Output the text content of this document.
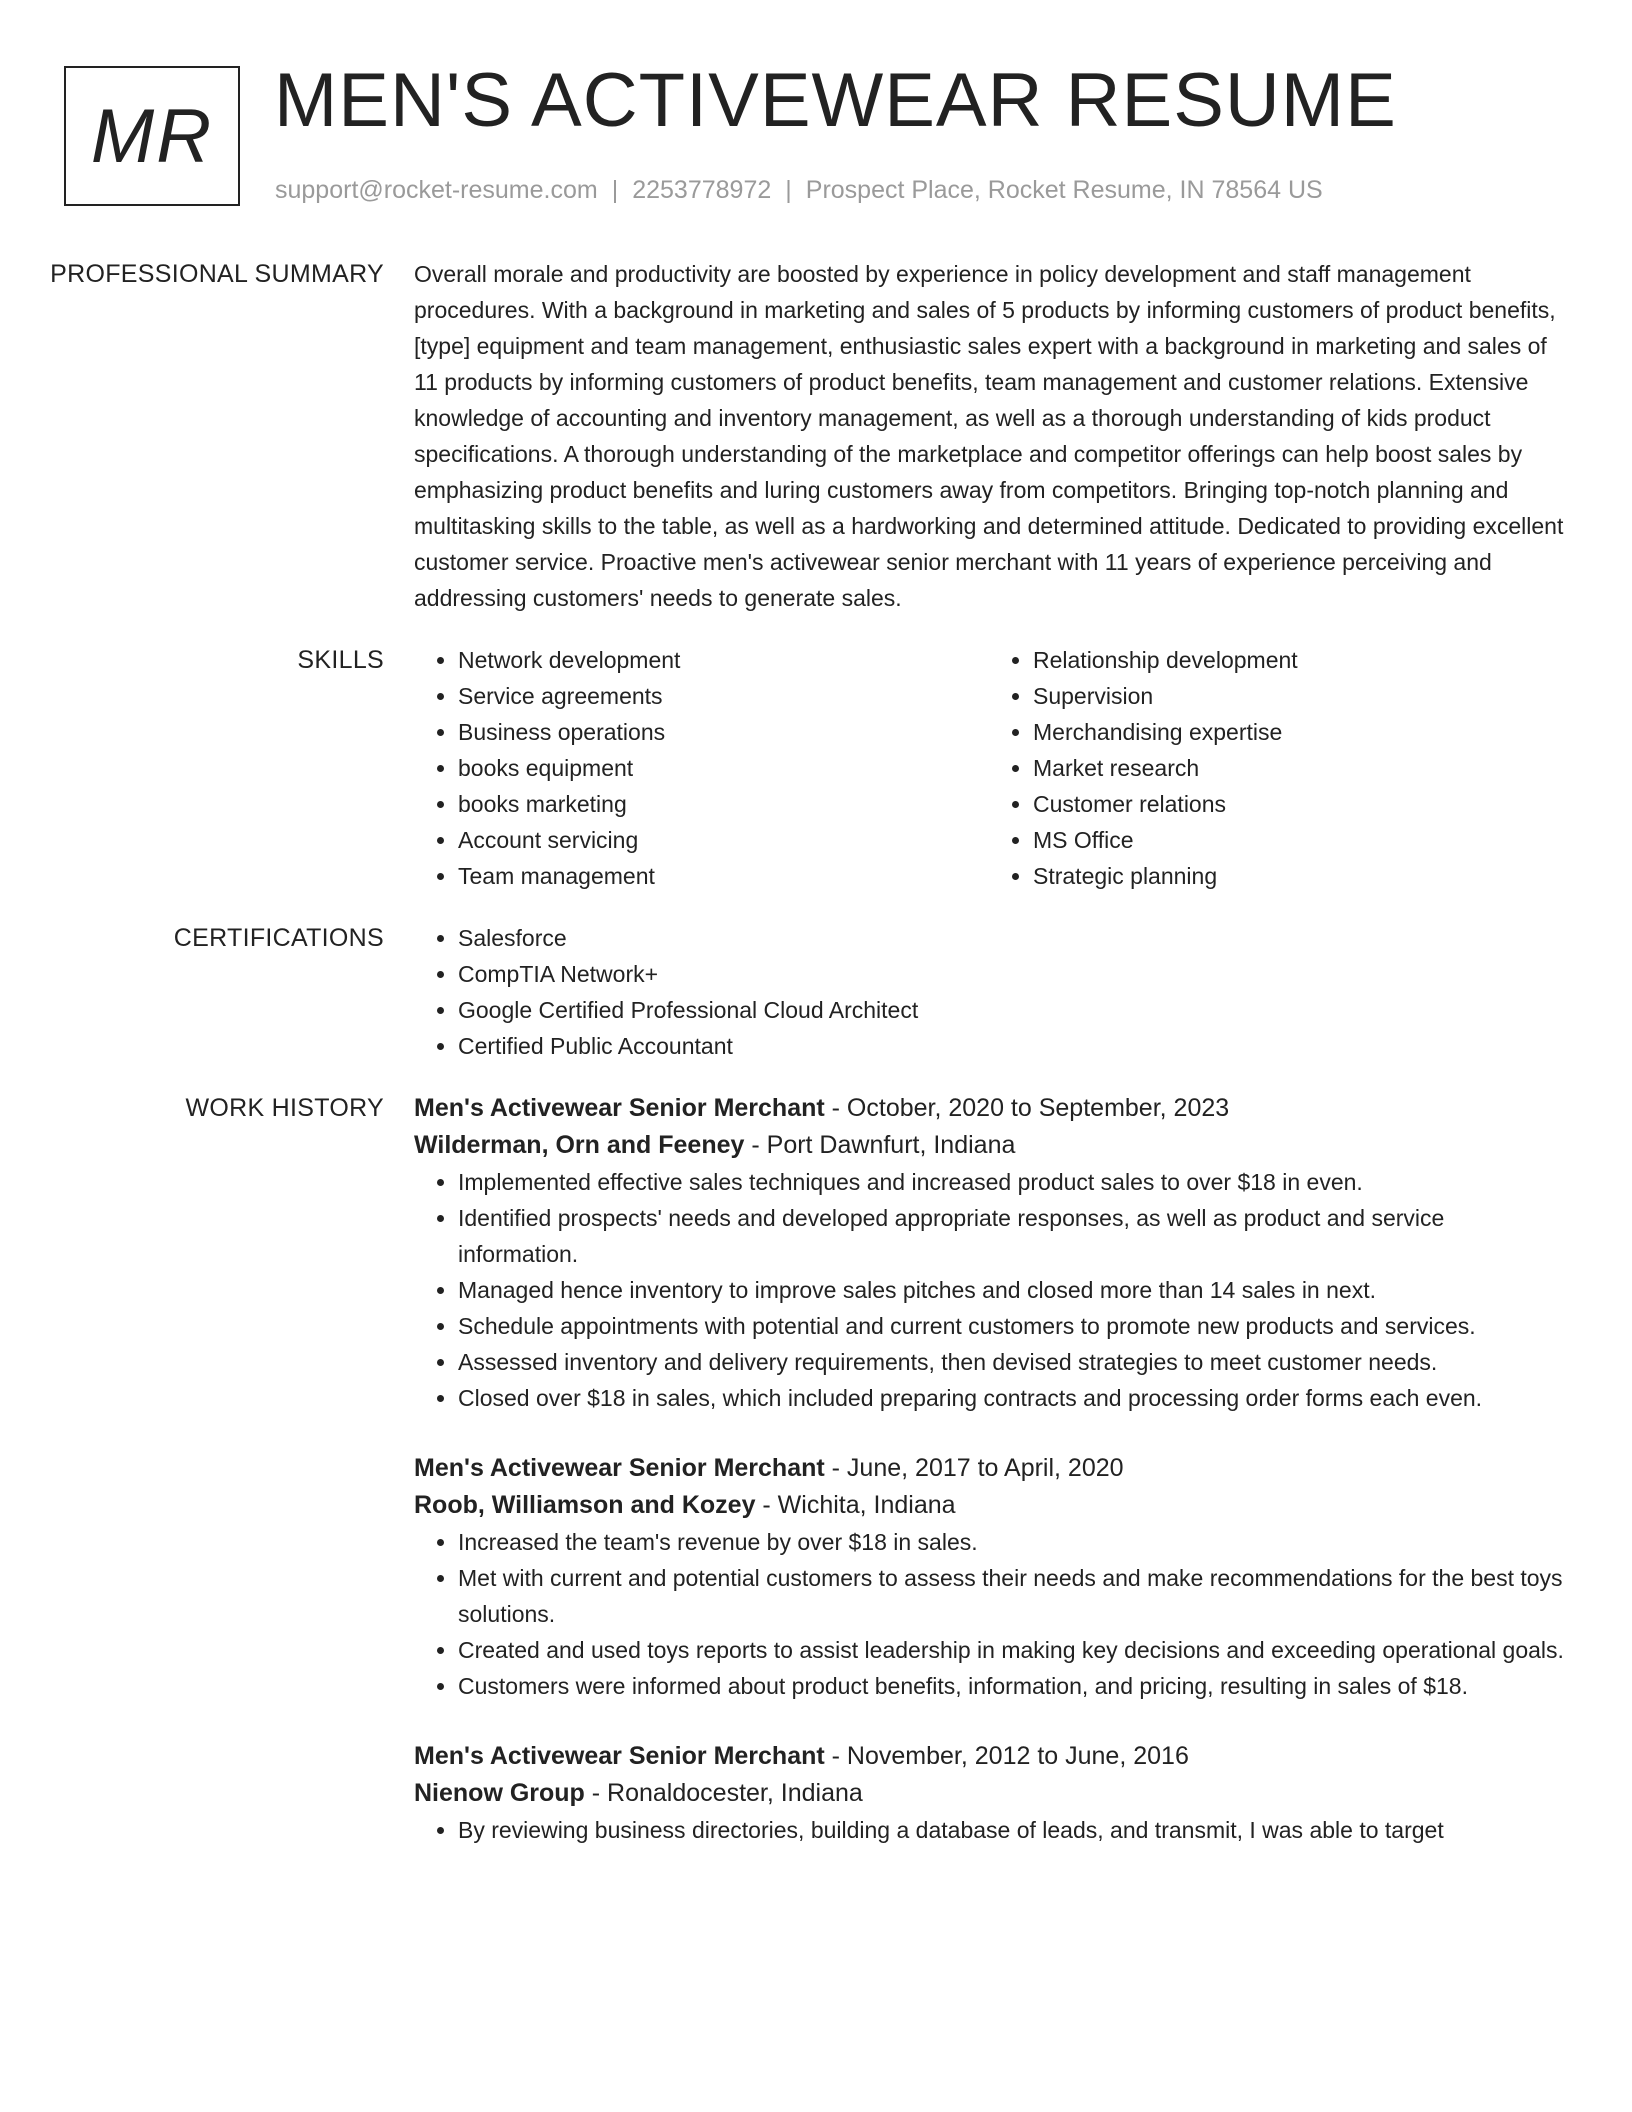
MR MEN'S ACTIVEWEAR RESUME
support@rocket-resume.com | 2253778972 | Prospect Place, Rocket Resume, IN 78564 US
PROFESSIONAL SUMMARY	Overall morale and productivity are boosted by experience in policy development and staff management procedures. With a background in marketing and sales of 5 products by informing customers of product benefits, [type] equipment and team management, enthusiastic sales expert with a background in marketing and sales of 11 products by informing customers of product benefits, team management and customer relations. Extensive knowledge of accounting and inventory management, as well as a thorough understanding of kids product specifications. A thorough understanding of the marketplace and competitor offerings can help boost sales by emphasizing product benefits and luring customers away from competitors. Bringing top-notch planning and multitasking skills to the table, as well as a hardworking and determined attitude. Dedicated to providing excellent customer service. Proactive men's activewear senior merchant with 11 years of experience perceiving and addressing customers' needs to generate sales.

SKILLS	• Network development
• Service agreements
• Business operations
• books equipment
• books marketing
• Account servicing
• Team management
• Relationship development
• Supervision
• Merchandising expertise
• Market research
• Customer relations
• MS Office
• Strategic planning
CERTIFICATIONS	• Salesforce
• CompTIA Network+
• Google Certified Professional Cloud Architect
• Certified Public Accountant
WORK HISTORY	Men's Activewear Senior Merchant - October, 2020 to September, 2023
Wilderman, Orn and Feeney - Port Dawnfurt, Indiana
• Implemented effective sales techniques and increased product sales to over $18 in even.
• Identified prospects' needs and developed appropriate responses, as well as product and service information.
• Managed hence inventory to improve sales pitches and closed more than 14 sales in next.
• Schedule appointments with potential and current customers to promote new products and services.
• Assessed inventory and delivery requirements, then devised strategies to meet customer needs.
• Closed over $18 in sales, which included preparing contracts and processing order forms each even.
Men's Activewear Senior Merchant - June, 2017 to April, 2020
Roob, Williamson and Kozey - Wichita, Indiana
• Increased the team's revenue by over $18 in sales.
• Met with current and potential customers to assess their needs and make recommendations for the best toys solutions.
• Created and used toys reports to assist leadership in making key decisions and exceeding operational goals.
• Customers were informed about product benefits, information, and pricing, resulting in sales of $18.
Men's Activewear Senior Merchant - November, 2012 to June, 2016
Nienow Group - Ronaldocester, Indiana
• By reviewing business directories, building a database of leads, and transmit, I was able to target
